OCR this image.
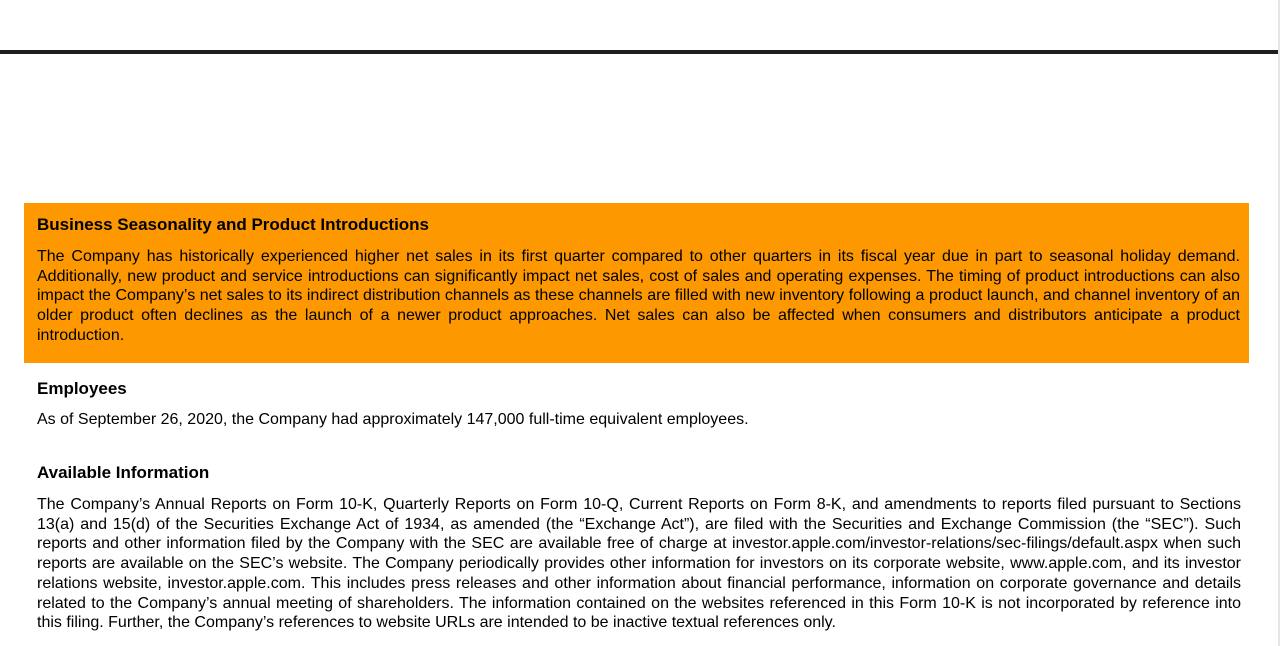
Business Seasonality and Product Introductions

The Company has historically experienced higher net sales in its first quarter compared to other quarters in its fiscal year due in part to seasonal holiday demand. Additionally, new product and service introductions can significantly impact net sales, cost of sales and operating expenses. The timing of product introductions can also impact the Company’s net sales to its indirect distribution channels as these channels are filled with new inventory following a product launch, and channel inventory of an older product often declines as the launch of a newer product approaches. Net sales can also be affected when consumers and distributors anticipate a product introduction.

Employees

As of September 26, 2020, the Company had approximately 147,000 full-time equivalent employees.

Available Information

The Company’s Annual Reports on Form 10-K, Quarterly Reports on Form 10-Q, Current Reports on Form 8-K, and amendments to reports filed pursuant to Sections 13(a) and 15(d) of the Securities Exchange Act of 1934, as amended (the “Exchange Act”), are filed with the Securities and Exchange Commission (the “SEC”). Such reports and other information filed by the Company with the SEC are available free of charge at investor.apple.com/investor-relations/sec-filings/default.aspx when such reports are available on the SEC’s website. The Company periodically provides other information for investors on its corporate website, www.apple.com, and its investor relations website, investor.apple.com. This includes press releases and other information about financial performance, information on corporate governance and details related to the Company’s annual meeting of shareholders. The information contained on the websites referenced in this Form 10-K is not incorporated by reference into this filing. Further, the Company’s references to website URLs are intended to be inactive textual references only.
